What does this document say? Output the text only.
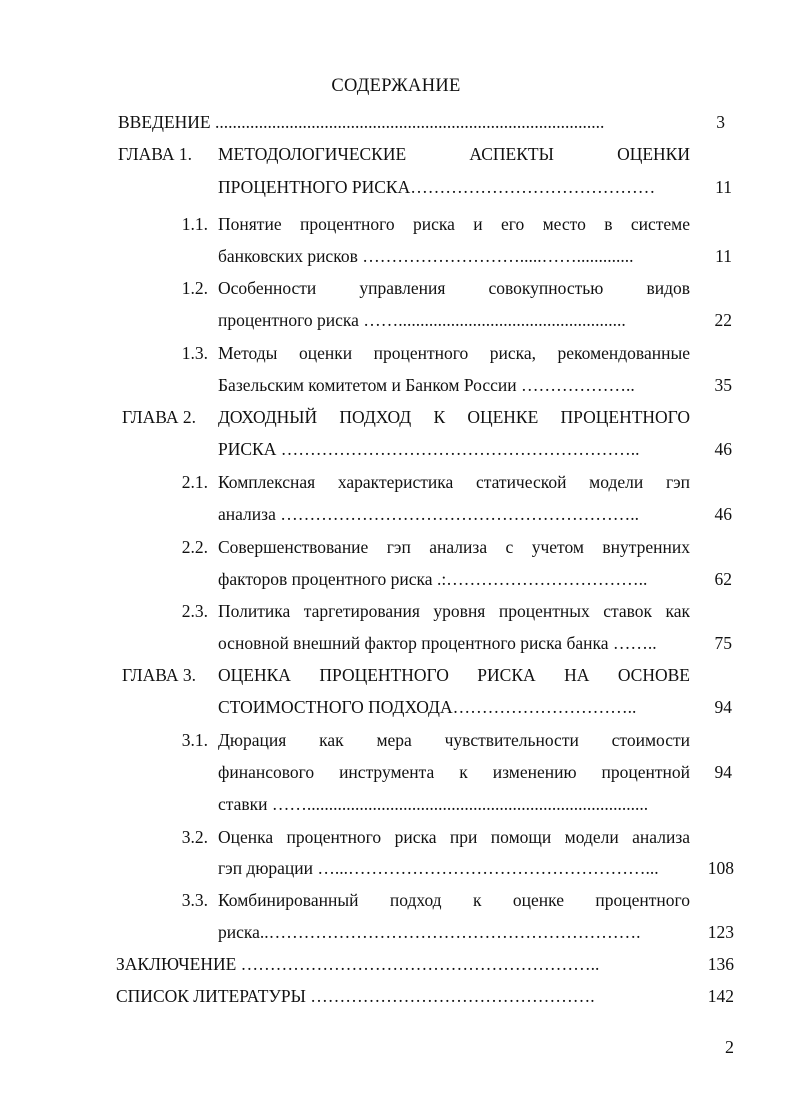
СОДЕРЖАНИЕ
ВВЕДЕНИЕ .........................................................................................	3
ГЛАВА 1.	МЕТОДОЛОГИЧЕСКИЕ АСПЕКТЫ ОЦЕНКИ
ПРОЦЕНТНОГО РИСКА……………………………………	11
1.1. Понятие процентного риска и его место в системе
банковских рисков ……………………….....…….............	11
1.2. Особенности управления совокупностью видов
процентного риска ……....................................................	22
1.3. Методы оценки процентного риска, рекомендованные
Базельским комитетом и Банком России ………………..	35
ГЛАВА 2.	ДОХОДНЫЙ ПОДХОД К ОЦЕНКЕ ПРОЦЕНТНОГО
РИСКА ……………………………………………………..	46
2.1. Комплексная характеристика статической модели гэп
анализа ……………………………………………………..	46
2.2. Совершенствование гэп анализа с учетом внутренних
факторов процентного риска .:……………………………..	62
2.3. Политика таргетирования уровня процентных ставок как
основной внешний фактор процентного риска банка ……..	75
ГЛАВА 3.	ОЦЕНКА ПРОЦЕНТНОГО РИСКА НА ОСНОВЕ
СТОИМОСТНОГО ПОДХОДА…………………………..	94
3.1. Дюрация как мера чувствительности стоимости
финансового инструмента к изменению процентной	94
ставки ……..............................................................................
3.2. Оценка процентного риска при помощи модели анализа
гэп дюрации …...……………………………………………...	108
3.3. Комбинированный подход к оценке процентного
риска..……………………………………………………….	123
ЗАКЛЮЧЕНИЕ ……………………………………………………..	136
СПИСОК ЛИТЕРАТУРЫ ………………………………………….	142
2
